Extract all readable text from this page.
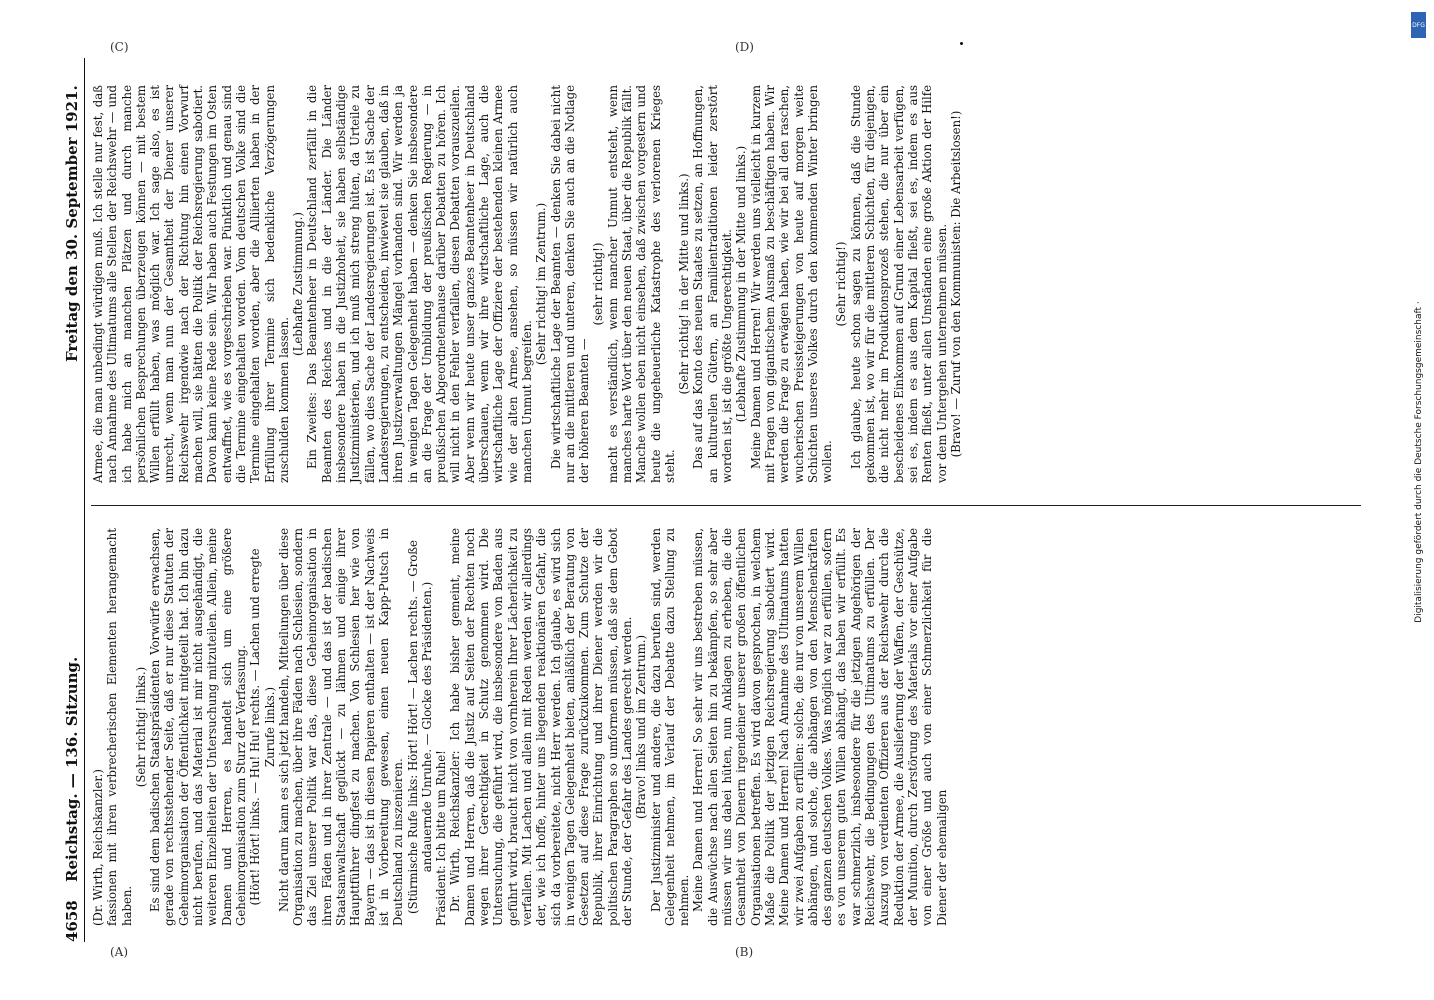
4658
Reichstag. — 136. Sitzung.
Freitag den 30. September 1921.

(Dr. Wirth, Reichskanzler.) fassionen mit ihren verbrecherischen Elementen herangemacht haben.

(Sehr richtig! links.) Es sind dem badischen Staatspräsidenten Vorwürfe erwachsen, gerade von rechtsstehender Seite, daß er nur diese Statuten der Geheimorganisation der Öffentlichkeit mitgeteilt hat. Ich bin dazu nicht berufen, und das Material ist mir nicht ausgehändigt, die weiteren Einzelheiten der Untersuchung mitzuteilen. Allein, meine Damen und Herren, es handelt sich um eine größere Geheimorganisation zum Sturz der Verfassung. (Hört! Hört! links. — Hu! Hu! rechts. — Lachen und erregte Zurufe links.) Nicht darum kann es sich jetzt handeln, Mitteilungen über diese Organisation zu machen, über ihre Fäden nach Schlesien, sondern das Ziel unserer Politik war das, diese Geheimorganisation in ihren Fäden und in ihrer Zentrale — und das ist der badischen Staatsanwaltschaft geglückt — zu lähmen und einige ihrer Haupttführer dingfest zu machen. Von Schlesien her wie von Bayern — das ist in diesen Papieren enthalten — ist der Nachweis ist in Vorbereitung gewesen, einen neuen Kapp-Putsch in Deutschland zu inszenieren. (Stürmische Rufe links: Hört! Hört! — Lachen rechts. — Große andauernde Unruhe. — Glocke des Präsidenten.) Präsident: Ich bitte um Ruhe! Dr. Wirth, Reichskanzler: Ich habe bisher gemeint, meine Damen und Herren, daß die Justiz auf Seiten der Rechten noch wegen ihrer Gerechtigkeit in Schutz genommen wird. Die Untersuchung, die geführt wird, die insbesondere von Baden aus geführt wird, braucht nicht von vornherein Ihrer Lächerlichkeit zu verfallen. Mit Lachen und allein mit Reden werden wir allerdings der, wie ich hoffe, hinter uns liegenden reaktionären Gefahr, die sich da vorbereitete, nicht Herr werden. Ich glaube, es wird sich in wenigen Tagen Gelegenheit bieten, anläßlich der Beratung von Gesetzen auf diese Frage zurückzukommen. Zum Schutze der Republik, ihrer Einrichtung und ihrer Diener werden wir die politischen Paragraphen so umformen müssen, daß sie dem Gebot der Stunde, der Gefahr des Landes gerecht werden. (Bravo! links und im Zentrum.) Der Justizminister und andere, die dazu berufen sind, werden Gelegenheit nehmen, im Verlauf der Debatte dazu Stellung zu nehmen. Meine Damen und Herren! So sehr wir uns bestreben müssen, die Auswüchse nach allen Seiten hin zu bekämpfen, so sehr aber müssen wir uns dabei hüten, nun Anklagen zu erheben, die die Gesamtheit von Dienern irgendeiner unserer großen öffentlichen Organisationen betreffen. Es wird davon gesprochen, in welchem Maße die Politik der jetzigen Reichsregierung sabotiert wird. Meine Damen und Herren! Nach Annahme des Ultimatums hatten wir zwei Aufgaben zu erfüllen: solche, die nur von unserem Willen abhängen, und solche, die abhängen von den Menschenkräften des ganzen deutschen Volkes. Was möglich war zu erfüllen, sofern es von unserem guten Willen abhängt, das haben wir erfüllt. Es war schmerzlich, insbesondere für die jetzigen Angehörigen der Reichswehr, die Bedingungen des Ultimatums zu erfüllen. Der Auszug von verdienten Offizieren aus der Reichswehr durch die Reduktion der Armee, die Auslieferung der Waffen, der Geschütze, der Munition, durch Zerstörung des Materials vor einer Aufgabe von einer Größe und auch von einer Schmerzlichkeit für die Diener der ehemaligen

Armee, die man unbedingt würdigen muß. Ich stelle nur fest, daß nach Annahme des Ultimatums alle Stellen der Reichswehr — und ich habe mich an manchen Plätzen und durch manche persönlichen Besprechungen überzeugen können — mit bestem Willen erfüllt haben, was möglich war. Ich sage also, es ist unrecht, wenn man nun der Gesamtheit der Diener unserer Reichswehr irgendwie nach der Richtung hin einen Vorwurf machen will, sie hätten die Politik der Reichsregierung sabotiert. Davon kann keine Rede sein. Wir haben auch Festungen im Osten entwaffnet, wie es vorgeschrieben war. Pünktlich und genau sind die Termine eingehalten worden. Vom deutschen Volke sind die Termine eingehalten worden, aber die Alliierten haben in der Erfüllung ihrer Termine sich bedenkliche Verzögerungen zuschulden kommen lassen.

(Lebhafte Zustimmung.) Ein Zweites: Das Beamtenheer in Deutschland zerfällt in die Beamten des Reiches und in die der Länder. Die Länder insbesondere haben in die Justizhoheit, sie haben selbständige Justizministerien, und ich muß mich streng hüten, da Urteile zu fällen, wo dies Sache der Landesregierungen ist. Es ist Sache der Landesregierungen, zu entscheiden, inwieweit sie glauben, daß in ihren Justizverwaltungen Mängel vorhanden sind. Wir werden ja in wenigen Tagen Gelegenheit haben — denken Sie insbesondere an die Frage der Umbildung der preußischen Regierung — in preußischen Abgeordnetenhause darüber Debatten zu hören. Ich will nicht in den Fehler verfallen, diesen Debatten vorauszueilen. Aber wenn wir heute unser ganzes Beamtenheer in Deutschland überschauen, wenn wir ihre wirtschaftliche Lage, auch die wirtschaftliche Lage der Offiziere der bestehenden kleinen Armee wie der alten Armee, ansehen, so müssen wir natürlich auch manchen Unmut begreifen.

(Sehr richtig! im Zentrum.) Die wirtschaftliche Lage der Beamten — denken Sie dabei nicht nur an die mittleren und unteren, denken Sie auch an die Notlage der höheren Beamten —

(sehr richtig!) macht es verständlich, wenn mancher Unmut entsteht, wenn manches harte Wort über den neuen Staat, über die Republik fällt. Manche wollen eben nicht einsehen, daß zwischen vorgestern und heute die ungeheuerliche Katastrophe des verlorenen Krieges steht.

(Sehr richtig! in der Mitte und links.) Das auf das Konto des neuen Staates zu setzen, an Hoffnungen, an kulturellen Gütern, an Familientraditionen leider zerstört worden ist, ist die größte Ungerechtigkeit. (Lebhafte Zustimmung in der Mitte und links.) Meine Damen und Herren! Wir werden uns vielleicht in kurzem mit Fragen von gigantischem Ausmaß zu beschäftigen haben. Wir werden die Frage zu erwägen haben, wie wir bei all den raschen, wucherischen Preissteigerungen von heute auf morgen weite Schichten unseres Volkes durch den kommenden Winter bringen wollen.

(Sehr richtig!) Ich glaube, heute schon sagen zu können, daß die Stunde gekommen ist, wo wir für die mittleren Schichten, für diejenigen, die nicht mehr im Produktionsprozeß stehen, die nur über ein bescheidenes Einkommen auf Grund einer Lebensarbeit verfügen, sei es, indem es aus dem Kapital fließt, sei es, indem es aus Renten fließt, unter allen Umständen eine große Aktion der Hilfe vor dem Untergehen unternehmen müssen. (Bravo! — Zuruf von den Kommunisten: Die Arbeitslosen!)

(A)	(B)
(C)	(D)
DFG
Digitalisierung gefördert durch die Deutsche Forschungsgemeinschaft ·
